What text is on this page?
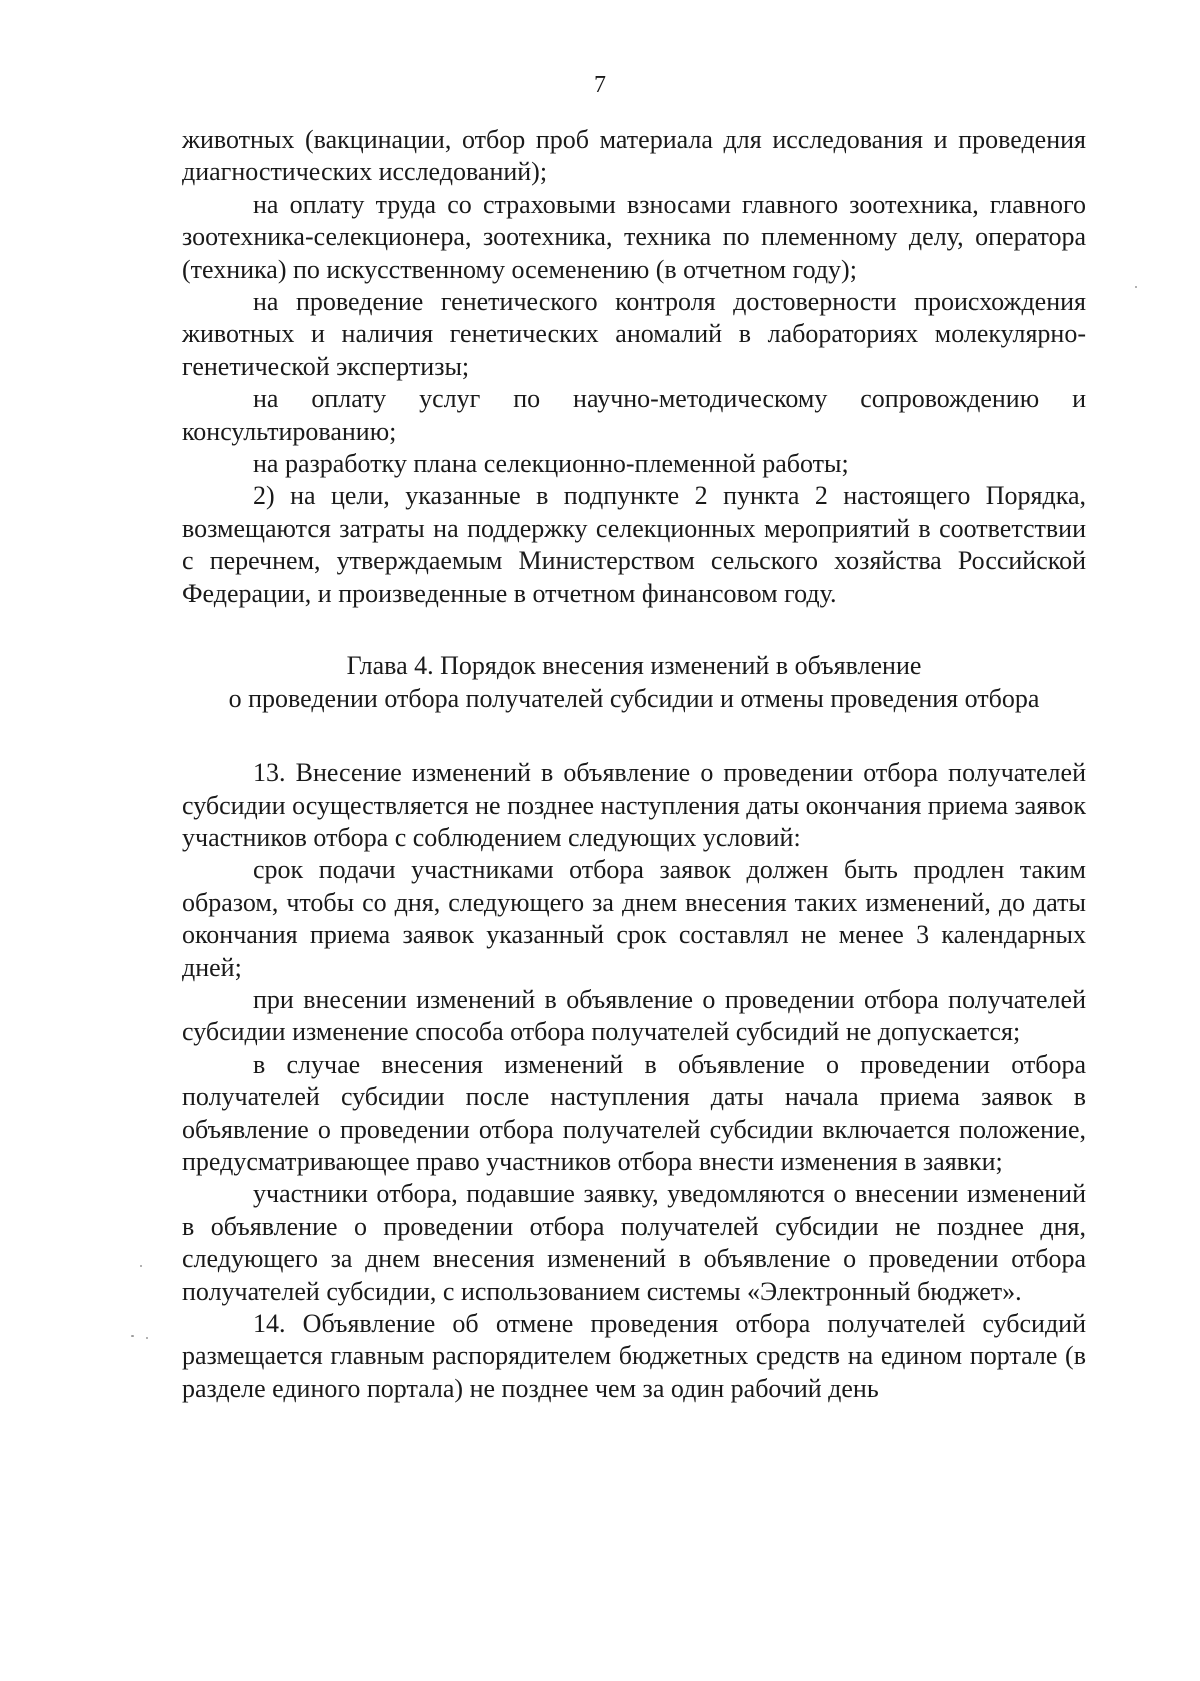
7

животных (вакцинации, отбор проб материала для исследования и проведения диагностических исследований);

на оплату труда со страховыми взносами главного зоотехника, главного зоотехника-селекционера, зоотехника, техника по племенному делу, оператора (техника) по искусственному осеменению (в отчетном году);

на проведение генетического контроля достоверности происхождения животных и наличия генетических аномалий в лабораториях молекулярно-генетической экспертизы;

на оплату услуг по научно-методическому сопровождению и консультированию;

на разработку плана селекционно-племенной работы;

2) на цели, указанные в подпункте 2 пункта 2 настоящего Порядка, возмещаются затраты на поддержку селекционных мероприятий в соответствии с перечнем, утверждаемым Министерством сельского хозяйства Российской Федерации, и произведенные в отчетном финансовом году.

Глава 4. Порядок внесения изменений в объявление
о проведении отбора получателей субсидии и отмены проведения отбора

13. Внесение изменений в объявление о проведении отбора получателей субсидии осуществляется не позднее наступления даты окончания приема заявок участников отбора с соблюдением следующих условий:

срок подачи участниками отбора заявок должен быть продлен таким образом, чтобы со дня, следующего за днем внесения таких изменений, до даты окончания приема заявок указанный срок составлял не менее 3 календарных дней;

при внесении изменений в объявление о проведении отбора получателей субсидии изменение способа отбора получателей субсидий не допускается;

в случае внесения изменений в объявление о проведении отбора получателей субсидии после наступления даты начала приема заявок в объявление о проведении отбора получателей субсидии включается положение, предусматривающее право участников отбора внести изменения в заявки;

участники отбора, подавшие заявку, уведомляются о внесении изменений в объявление о проведении отбора получателей субсидии не позднее дня, следующего за днем внесения изменений в объявление о проведении отбора получателей субсидии, с использованием системы «Электронный бюджет».

14. Объявление об отмене проведения отбора получателей субсидий размещается главным распорядителем бюджетных средств на едином портале (в разделе единого портала) не позднее чем за один рабочий день
